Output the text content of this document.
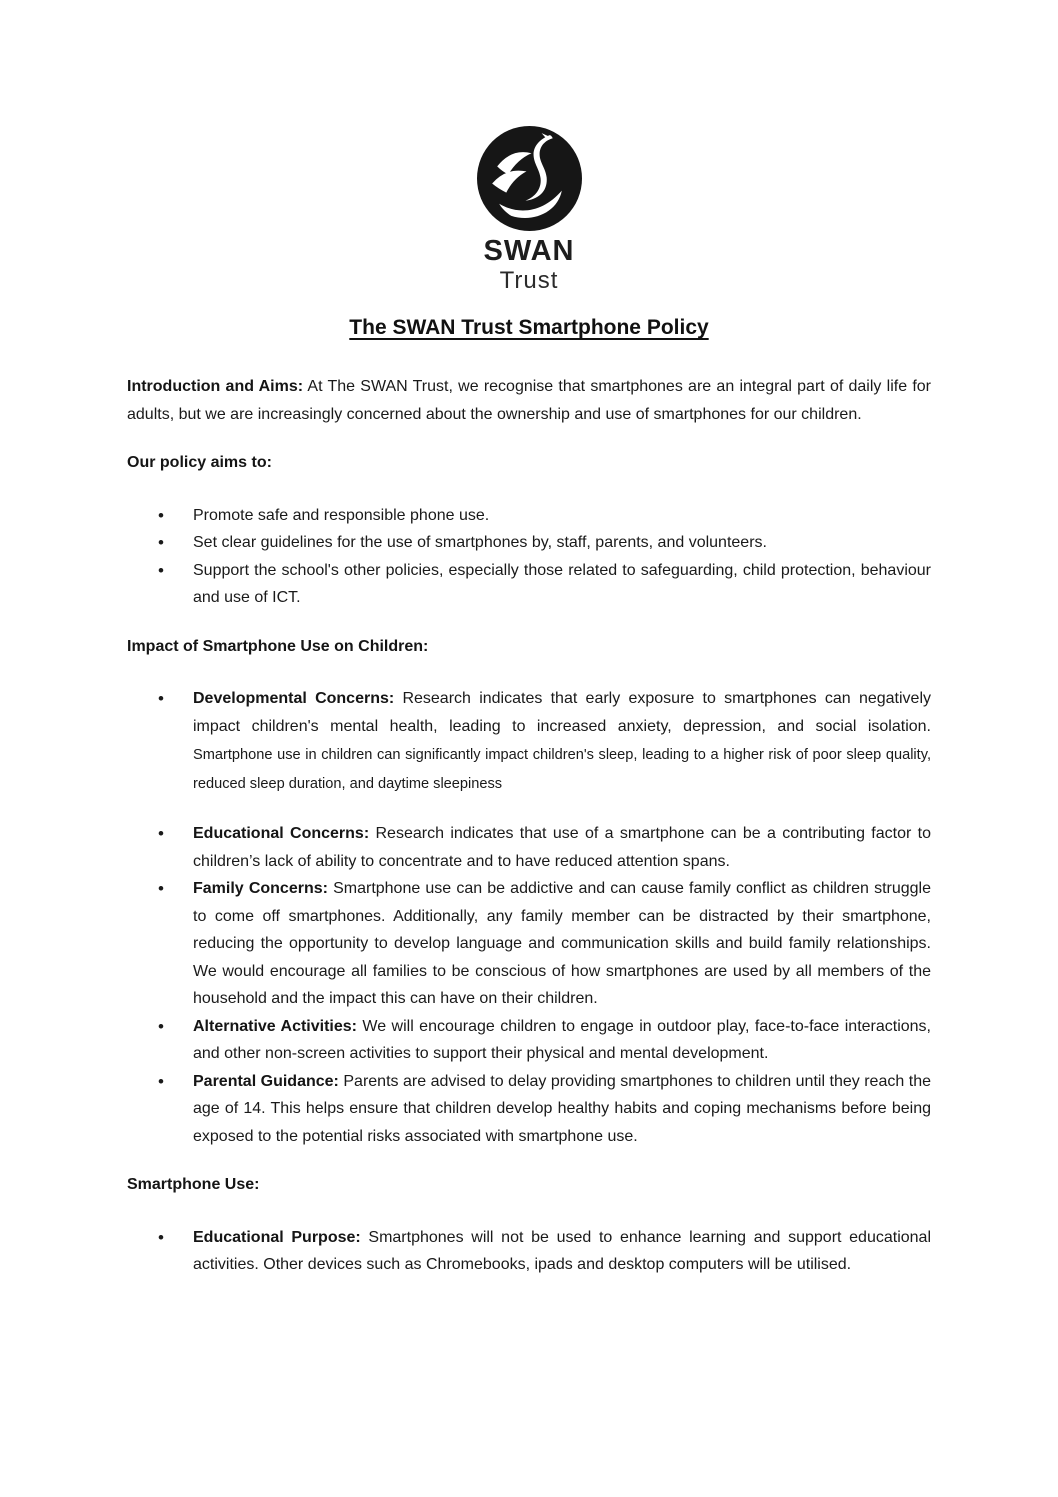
SWAN
Trust
The SWAN Trust Smartphone Policy

Introduction and Aims: At The SWAN Trust, we recognise that smartphones are an integral part of daily life for adults, but we are increasingly concerned about the ownership and use of smartphones for our children.

Our policy aims to:

• Promote safe and responsible phone use.
• Set clear guidelines for the use of smartphones by, staff, parents, and volunteers.
• Support the school's other policies, especially those related to safeguarding, child protection, behaviour and use of ICT.

Impact of Smartphone Use on Children:

• Developmental Concerns: Research indicates that early exposure to smartphones can negatively impact children's mental health, leading to increased anxiety, depression, and social isolation. Smartphone use in children can significantly impact children's sleep, leading to a higher risk of poor sleep quality, reduced sleep duration, and daytime sleepiness
• Educational Concerns: Research indicates that use of a smartphone can be a contributing factor to children’s lack of ability to concentrate and to have reduced attention spans.
• Family Concerns: Smartphone use can be addictive and can cause family conflict as children struggle to come off smartphones. Additionally, any family member can be distracted by their smartphone, reducing the opportunity to develop language and communication skills and build family relationships. We would encourage all families to be conscious of how smartphones are used by all members of the household and the impact this can have on their children.
• Alternative Activities: We will encourage children to engage in outdoor play, face-to-face interactions, and other non-screen activities to support their physical and mental development.
• Parental Guidance: Parents are advised to delay providing smartphones to children until they reach the age of 14. This helps ensure that children develop healthy habits and coping mechanisms before being exposed to the potential risks associated with smartphone use.

Smartphone Use:

• Educational Purpose: Smartphones will not be used to enhance learning and support educational activities. Other devices such as Chromebooks, ipads and desktop computers will be utilised.
